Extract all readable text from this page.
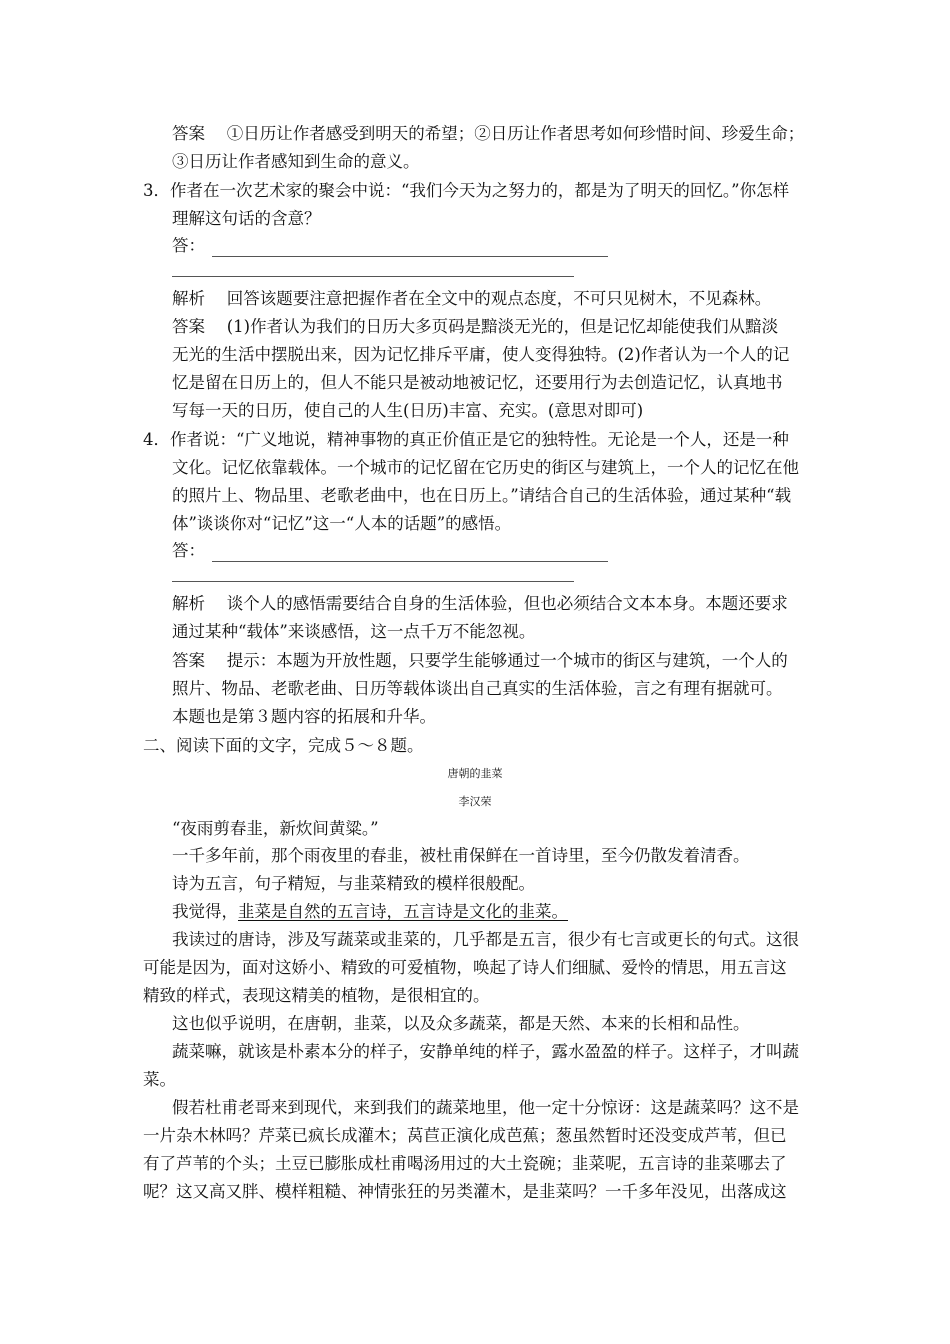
答案　 ①日历让作者感受到明天的希望；②日历让作者思考如何珍惜时间、珍爱生命；
③日历让作者感知到生命的意义。
3．作者在一次艺术家的聚会中说：“我们今天为之努力的，都是为了明天的回忆。”你怎样
理解这句话的含意？
答：
解析　 回答该题要注意把握作者在全文中的观点态度，不可只见树木，不见森林。
答案　 (1)作者认为我们的日历大多页码是黯淡无光的，但是记忆却能使我们从黯淡
无光的生活中摆脱出来，因为记忆排斥平庸，使人变得独特。(2)作者认为一个人的记
忆是留在日历上的，但人不能只是被动地被记忆，还要用行为去创造记忆，认真地书
写每一天的日历，使自己的人生(日历)丰富、充实。(意思对即可)
4．作者说：“广义地说，精神事物的真正价值正是它的独特性。无论是一个人，还是一种
文化。记忆依靠载体。一个城市的记忆留在它历史的街区与建筑上，一个人的记忆在他
的照片上、物品里、老歌老曲中，也在日历上。”请结合自己的生活体验，通过某种“载
体”谈谈你对“记忆”这一“人本的话题”的感悟。
答：
解析　 谈个人的感悟需要结合自身的生活体验，但也必须结合文本本身。本题还要求
通过某种“载体”来谈感悟，这一点千万不能忽视。
答案　 提示：本题为开放性题，只要学生能够通过一个城市的街区与建筑，一个人的
照片、物品、老歌老曲、日历等载体谈出自己真实的生活体验，言之有理有据就可。
本题也是第３题内容的拓展和升华。
二、阅读下面的文字，完成５～８题。
唐朝的韭菜
李汉荣
“夜雨剪春韭，新炊间黄粱。”
一千多年前，那个雨夜里的春韭，被杜甫保鲜在一首诗里，至今仍散发着清香。
诗为五言，句子精短，与韭菜精致的模样很般配。
我觉得，韭菜是自然的五言诗，五言诗是文化的韭菜。
我读过的唐诗，涉及写蔬菜或韭菜的，几乎都是五言，很少有七言或更长的句式。这很
可能是因为，面对这娇小、精致的可爱植物，唤起了诗人们细腻、爱怜的情思，用五言这
精致的样式，表现这精美的植物，是很相宜的。
这也似乎说明，在唐朝，韭菜，以及众多蔬菜，都是天然、本来的长相和品性。
蔬菜嘛，就该是朴素本分的样子，安静单纯的样子，露水盈盈的样子。这样子，才叫蔬
菜。
假若杜甫老哥来到现代，来到我们的蔬菜地里，他一定十分惊讶：这是蔬菜吗？这不是
一片杂木林吗？芹菜已疯长成灌木；莴苣正演化成芭蕉；葱虽然暂时还没变成芦苇，但已
有了芦苇的个头；土豆已膨胀成杜甫喝汤用过的大土瓷碗；韭菜呢，五言诗的韭菜哪去了
呢？这又高又胖、模样粗糙、神情张狂的另类灌木，是韭菜吗？一千多年没见，出落成这
